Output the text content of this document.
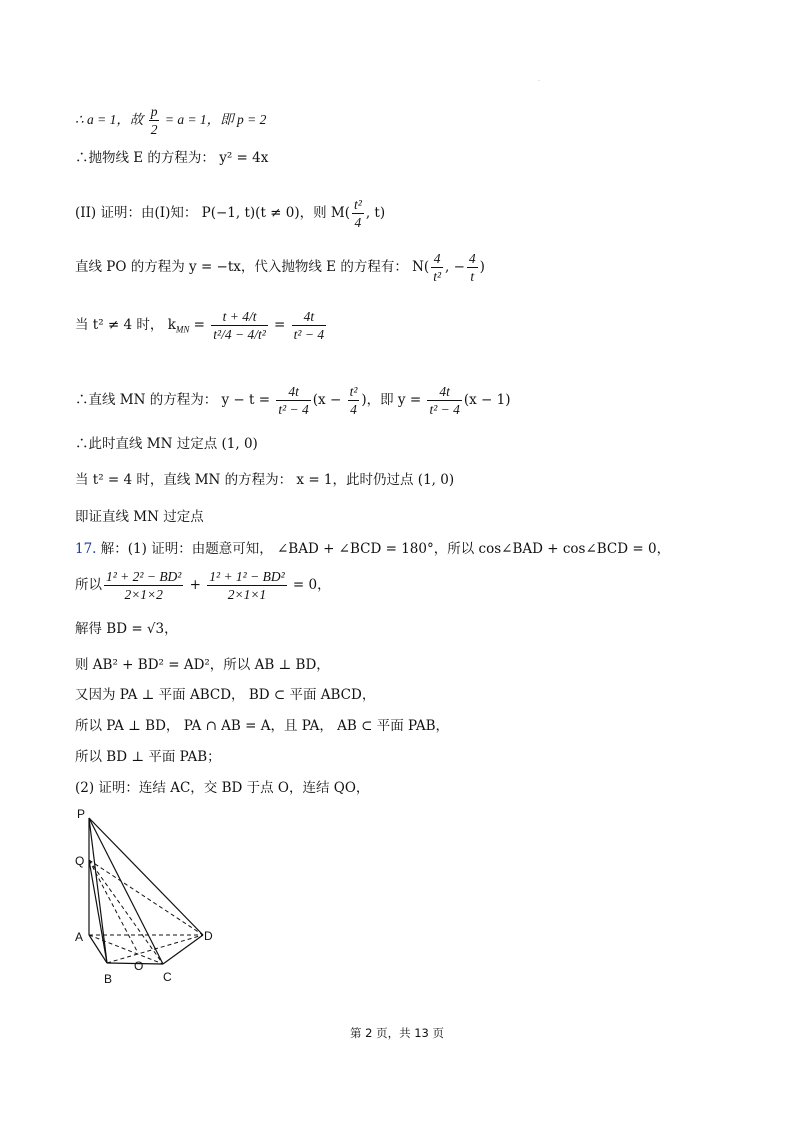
·
∴ a = 1，故 $\frac{p}{2} = a = 1$，即 p = 2
∴抛物线 E 的方程为： y² = 4x
(II) 证明：由(I)知： P(−1, t)(t ≠ 0)，则 $M( \frac{\text{t²}}{4}$ , t)
直线 PO 的方程为 y = −tx，代入抛物线 E 的方程有： $N( \frac{4}{\text{t²}}$ , − $\frac{4}{t}$ )
当 t² ≠ 4 时， $k_{MN} = \frac{t + 4/t}{\text{t²/4 − 4/t²}} = \frac{4t}{\text{t² − 4}}$
∴直线 MN 的方程为： $y - t = \frac{4t}{\text{t² − 4}} (x - \frac{\text{t²}}{4}$ )，即 $y = \frac{4t}{\text{t² − 4}} (x - 1)$
∴此时直线 MN 过定点 (1, 0)
当 t² = 4 时，直线 MN 的方程为： x = 1，此时仍过点 (1, 0)
即证直线 MN 过定点
17. 解：(1) 证明：由题意可知， ∠BAD + ∠BCD = 180°，所以 cos∠BAD + cos∠BCD = 0，
所以 $\frac{\text{1² + 2² − BD²}}{2\times 1\times 2} + \frac{\text{1² + 1² − BD²}}{2\times 1\times 1} = 0$，
解得 BD = √3，
则 AB² + BD² = AD²，所以 AB ⊥ BD，
又因为 PA ⊥ 平面 ABCD， BD ⊂ 平面 ABCD，
所以 PA ⊥ BD， PA ∩ AB = A，且 PA， AB ⊂ 平面 PAB，
所以 BD ⊥ 平面 PAB；
(2) 证明：连结 AC，交 BD 于点 O，连结 QO，
P
Q
A
B
O
C
D
第 2 页，共 13 页
